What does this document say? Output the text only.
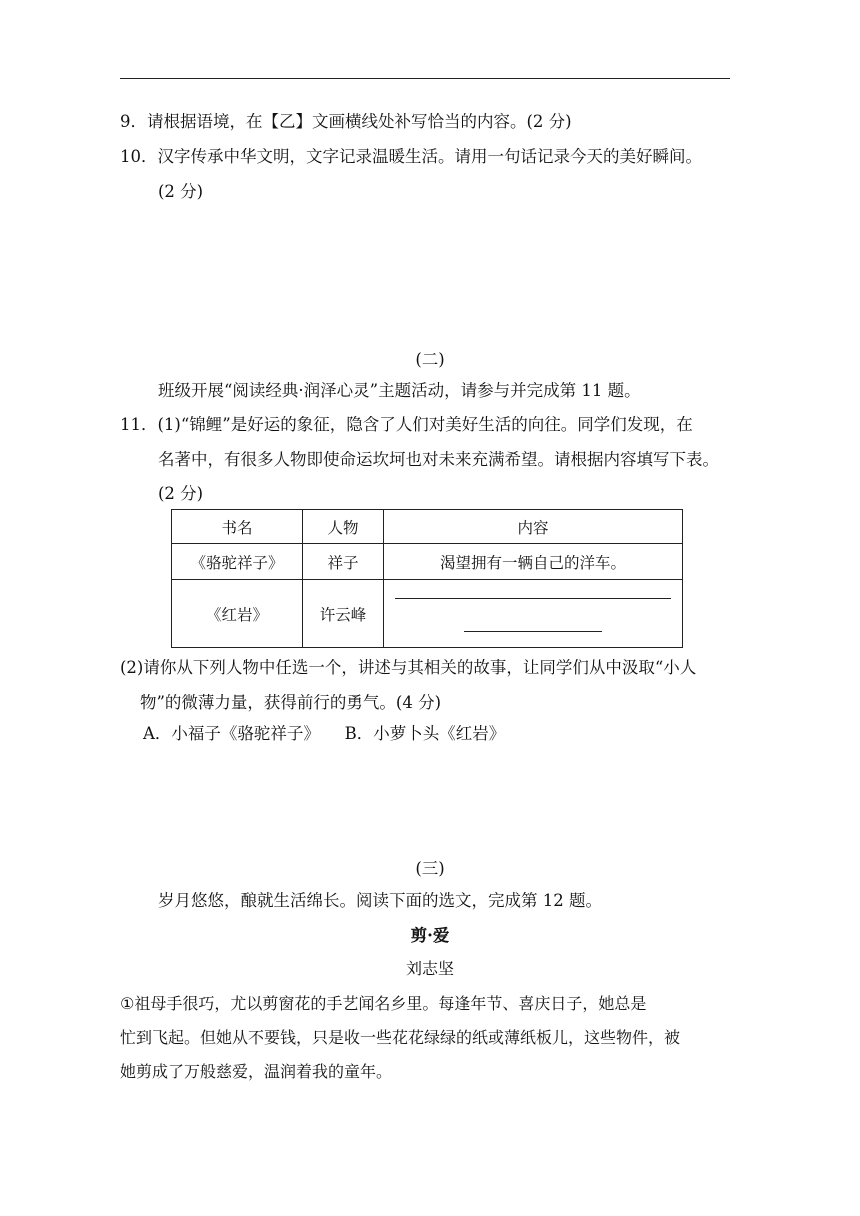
9．请根据语境，在【乙】文画横线处补写恰当的内容。(2 分)
10．汉字传承中华文明，文字记录温暖生活。请用一句话记录今天的美好瞬间。
(2 分)
(二)
班级开展“阅读经典·润泽心灵”主题活动，请参与并完成第 11 题。
11．(1)“锦鲤”是好运的象征，隐含了人们对美好生活的向往。同学们发现，在
名著中，有很多人物即使命运坎坷也对未来充满希望。请根据内容填写下表。
(2 分)
书名	人物	内容
《骆驼祥子》	祥子	渴望拥有一辆自己的洋车。
《红岩》	许云峰	
(2)请你从下列人物中任选一个，讲述与其相关的故事，让同学们从中汲取“小人
物”的微薄力量，获得前行的勇气。(4 分)
A．小福子《骆驼祥子》　　B．小萝卜头《红岩》
(三)
岁月悠悠，酿就生活绵长。阅读下面的选文，完成第 12 题。
剪·爱
刘志坚
①祖母手很巧，尤以剪窗花的手艺闻名乡里。每逢年节、喜庆日子，她总是
忙到飞起。但她从不要钱，只是收一些花花绿绿的纸或薄纸板儿，这些物件，被
她剪成了万般慈爱，温润着我的童年。
